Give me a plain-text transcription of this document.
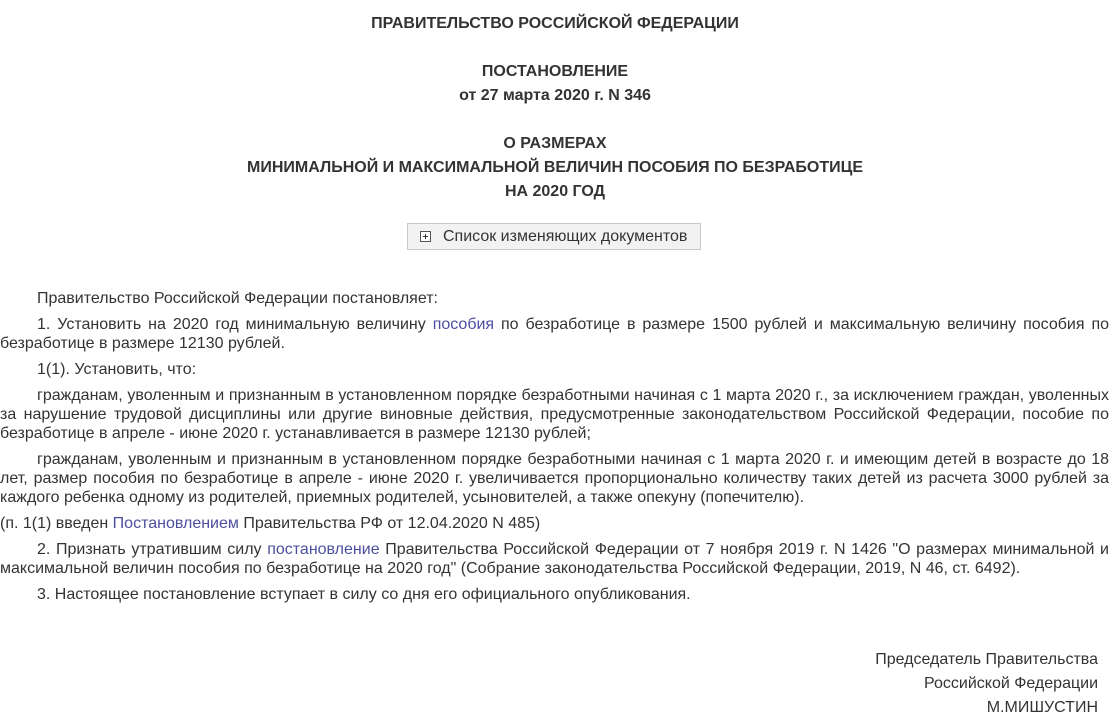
ПРАВИТЕЛЬСТВО РОССИЙСКОЙ ФЕДЕРАЦИИ
ПОСТАНОВЛЕНИЕ
от 27 марта 2020 г. N 346
О РАЗМЕРАХ
МИНИМАЛЬНОЙ И МАКСИМАЛЬНОЙ ВЕЛИЧИН ПОСОБИЯ ПО БЕЗРАБОТИЦЕ
НА 2020 ГОД
Список изменяющих документов

Правительство Российской Федерации постановляет:

1. Установить на 2020 год минимальную величину пособия по безработице в размере 1500 рублей и максимальную величину пособия по безработице в размере 12130 рублей.

1(1). Установить, что:

гражданам, уволенным и признанным в установленном порядке безработными начиная с 1 марта 2020 г., за исключением граждан, уволенных за нарушение трудовой дисциплины или другие виновные действия, предусмотренные законодательством Российской Федерации, пособие по безработице в апреле - июне 2020 г. устанавливается в размере 12130 рублей;

гражданам, уволенным и признанным в установленном порядке безработными начиная с 1 марта 2020 г. и имеющим детей в возрасте до 18 лет, размер пособия по безработице в апреле - июне 2020 г. увеличивается пропорционально количеству таких детей из расчета 3000 рублей за каждого ребенка одному из родителей, приемных родителей, усыновителей, а также опекуну (попечителю).

(п. 1(1) введен Постановлением Правительства РФ от 12.04.2020 N 485)

2. Признать утратившим силу постановление Правительства Российской Федерации от 7 ноября 2019 г. N 1426 "О размерах минимальной и максимальной величин пособия по безработице на 2020 год" (Собрание законодательства Российской Федерации, 2019, N 46, ст. 6492).

3. Настоящее постановление вступает в силу со дня его официального опубликования.

Председатель Правительства
Российской Федерации
М.МИШУСТИН
